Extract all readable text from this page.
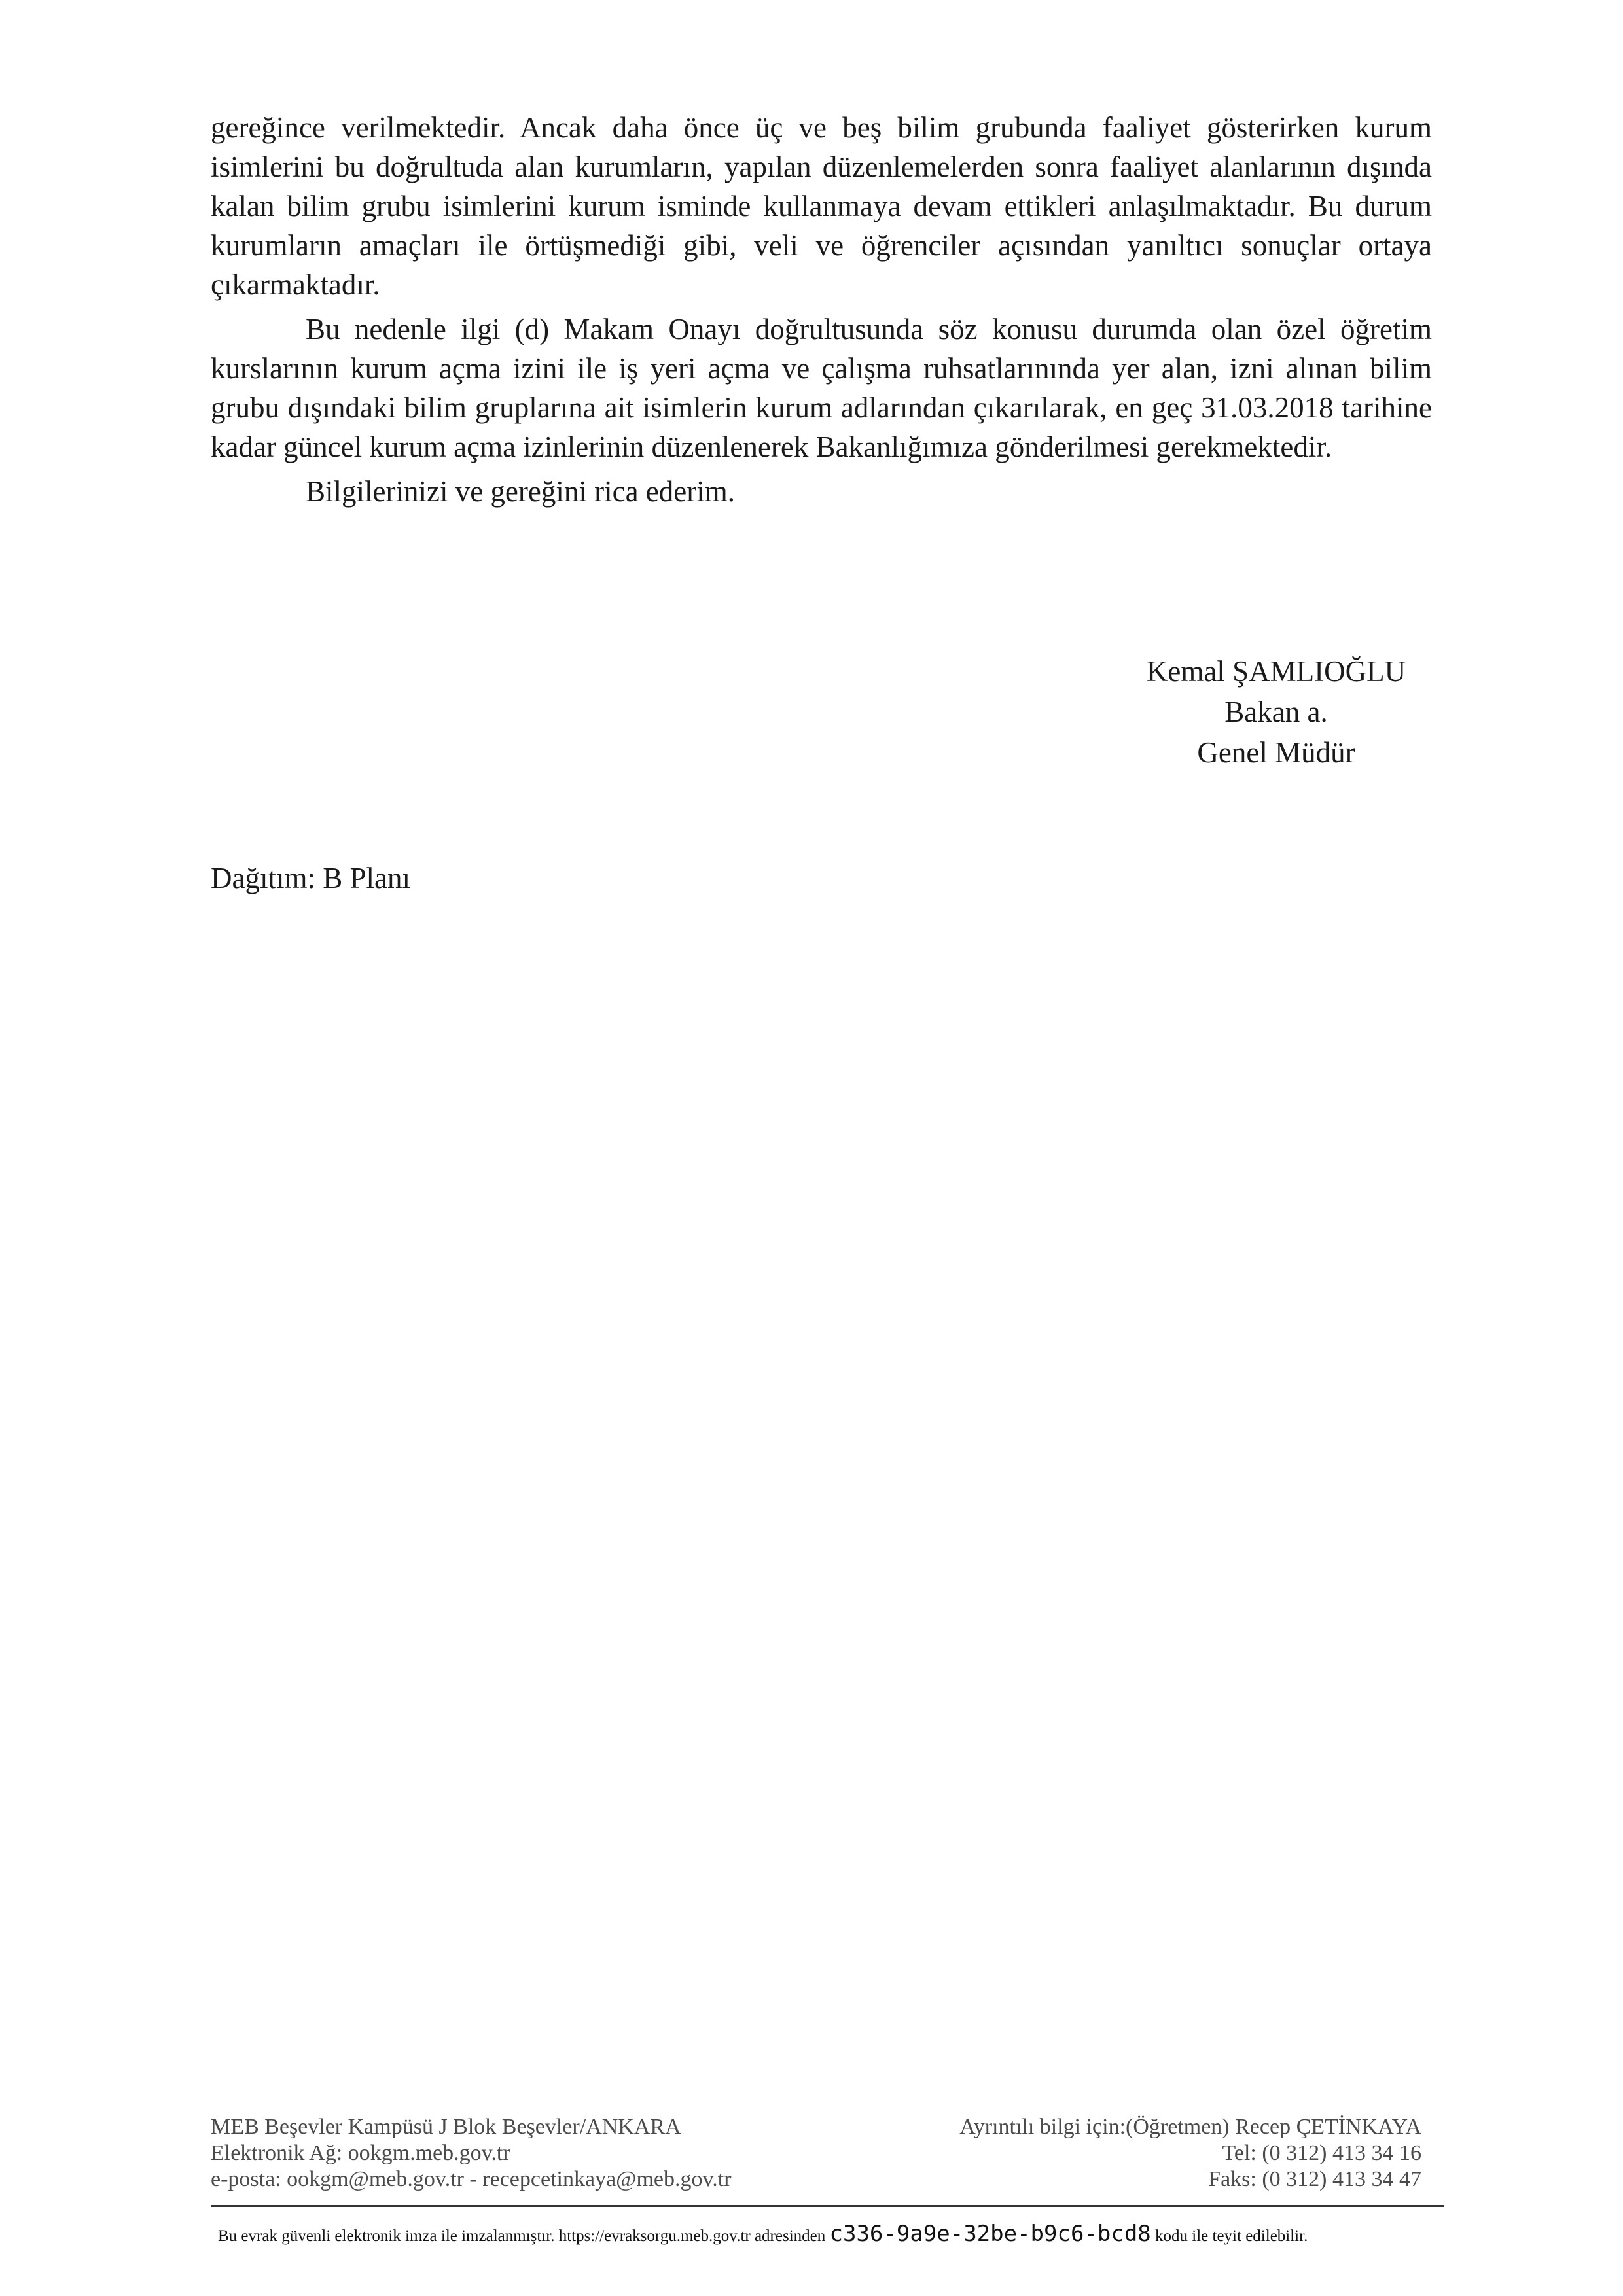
gereğince verilmektedir. Ancak daha önce üç ve beş bilim grubunda faaliyet gösterirken kurum isimlerini bu doğrultuda alan kurumların, yapılan düzenlemelerden sonra faaliyet alanlarının dışında kalan bilim grubu isimlerini kurum isminde kullanmaya devam ettikleri anlaşılmaktadır. Bu durum kurumların amaçları ile örtüşmediği gibi, veli ve öğrenciler açısından yanıltıcı sonuçlar ortaya çıkarmaktadır.

Bu nedenle ilgi (d) Makam Onayı doğrultusunda söz konusu durumda olan özel öğretim kurslarının kurum açma izini ile iş yeri açma ve çalışma ruhsatlarınında yer alan, izni alınan bilim grubu dışındaki bilim gruplarına ait isimlerin kurum adlarından çıkarılarak, en geç 31.03.2018 tarihine kadar güncel kurum açma izinlerinin düzenlenerek Bakanlığımıza gönderilmesi gerekmektedir.

Bilgilerinizi ve gereğini rica ederim.

Kemal ŞAMLIOĞLU
Bakan a.
Genel Müdür
Dağıtım: B Planı
MEB Beşevler Kampüsü J Blok Beşevler/ANKARA	Ayrıntılı bilgi için:(Öğretmen) Recep ÇETİNKAYA
Elektronik Ağ: ookgm.meb.gov.tr	Tel: (0 312) 413 34 16
e-posta: ookgm@meb.gov.tr - recepcetinkaya@meb.gov.tr	Faks: (0 312) 413 34 47
Bu evrak güvenli elektronik imza ile imzalanmıştır. https://evraksorgu.meb.gov.tr adresinden c336-9a9e-32be-b9c6-bcd8 kodu ile teyit edilebilir.
